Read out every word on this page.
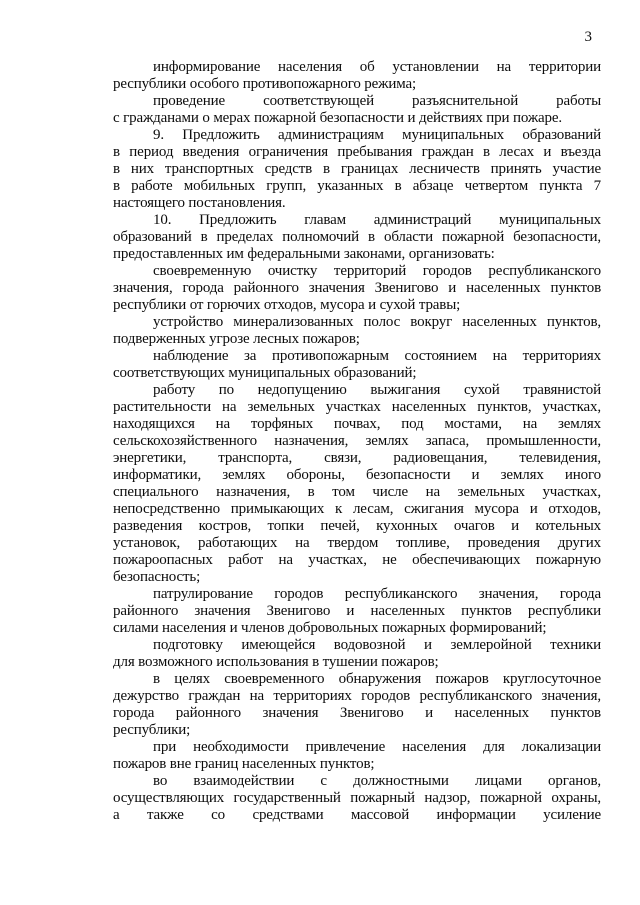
3
информирование населения об установлении на территории
республики особого противопожарного режима;
проведение соответствующей разъяснительной работы
с гражданами о мерах пожарной безопасности и действиях при пожаре.
9. Предложить администрациям муниципальных образований
в период введения ограничения пребывания граждан в лесах и въезда
в них транспортных средств в границах лесничеств принять участие
в работе мобильных групп, указанных в абзаце четвертом пункта 7
настоящего постановления.
10. Предложить главам администраций муниципальных
образований в пределах полномочий в области пожарной безопасности,
предоставленных им федеральными законами, организовать:
своевременную очистку территорий городов республиканского
значения, города районного значения Звенигово и населенных пунктов
республики от горючих отходов, мусора и сухой травы;
устройство минерализованных полос вокруг населенных пунктов,
подверженных угрозе лесных пожаров;
наблюдение за противопожарным состоянием на территориях
соответствующих муниципальных образований;
работу по недопущению выжигания сухой травянистой
растительности на земельных участках населенных пунктов, участках,
находящихся на торфяных почвах, под мостами, на землях
сельскохозяйственного назначения, землях запаса, промышленности,
энергетики, транспорта, связи, радиовещания, телевидения,
информатики, землях обороны, безопасности и землях иного
специального назначения, в том числе на земельных участках,
непосредственно примыкающих к лесам, сжигания мусора и отходов,
разведения костров, топки печей, кухонных очагов и котельных
установок, работающих на твердом топливе, проведения других
пожароопасных работ на участках, не обеспечивающих пожарную
безопасность;
патрулирование городов республиканского значения, города
районного значения Звенигово и населенных пунктов республики
силами населения и членов добровольных пожарных формирований;
подготовку имеющейся водовозной и землеройной техники
для возможного использования в тушении пожаров;
в целях своевременного обнаружения пожаров круглосуточное
дежурство граждан на территориях городов республиканского значения,
города районного значения Звенигово и населенных пунктов
республики;
при необходимости привлечение населения для локализации
пожаров вне границ населенных пунктов;
во взаимодействии с должностными лицами органов,
осуществляющих государственный пожарный надзор, пожарной охраны,
а также со средствами массовой информации усиление
